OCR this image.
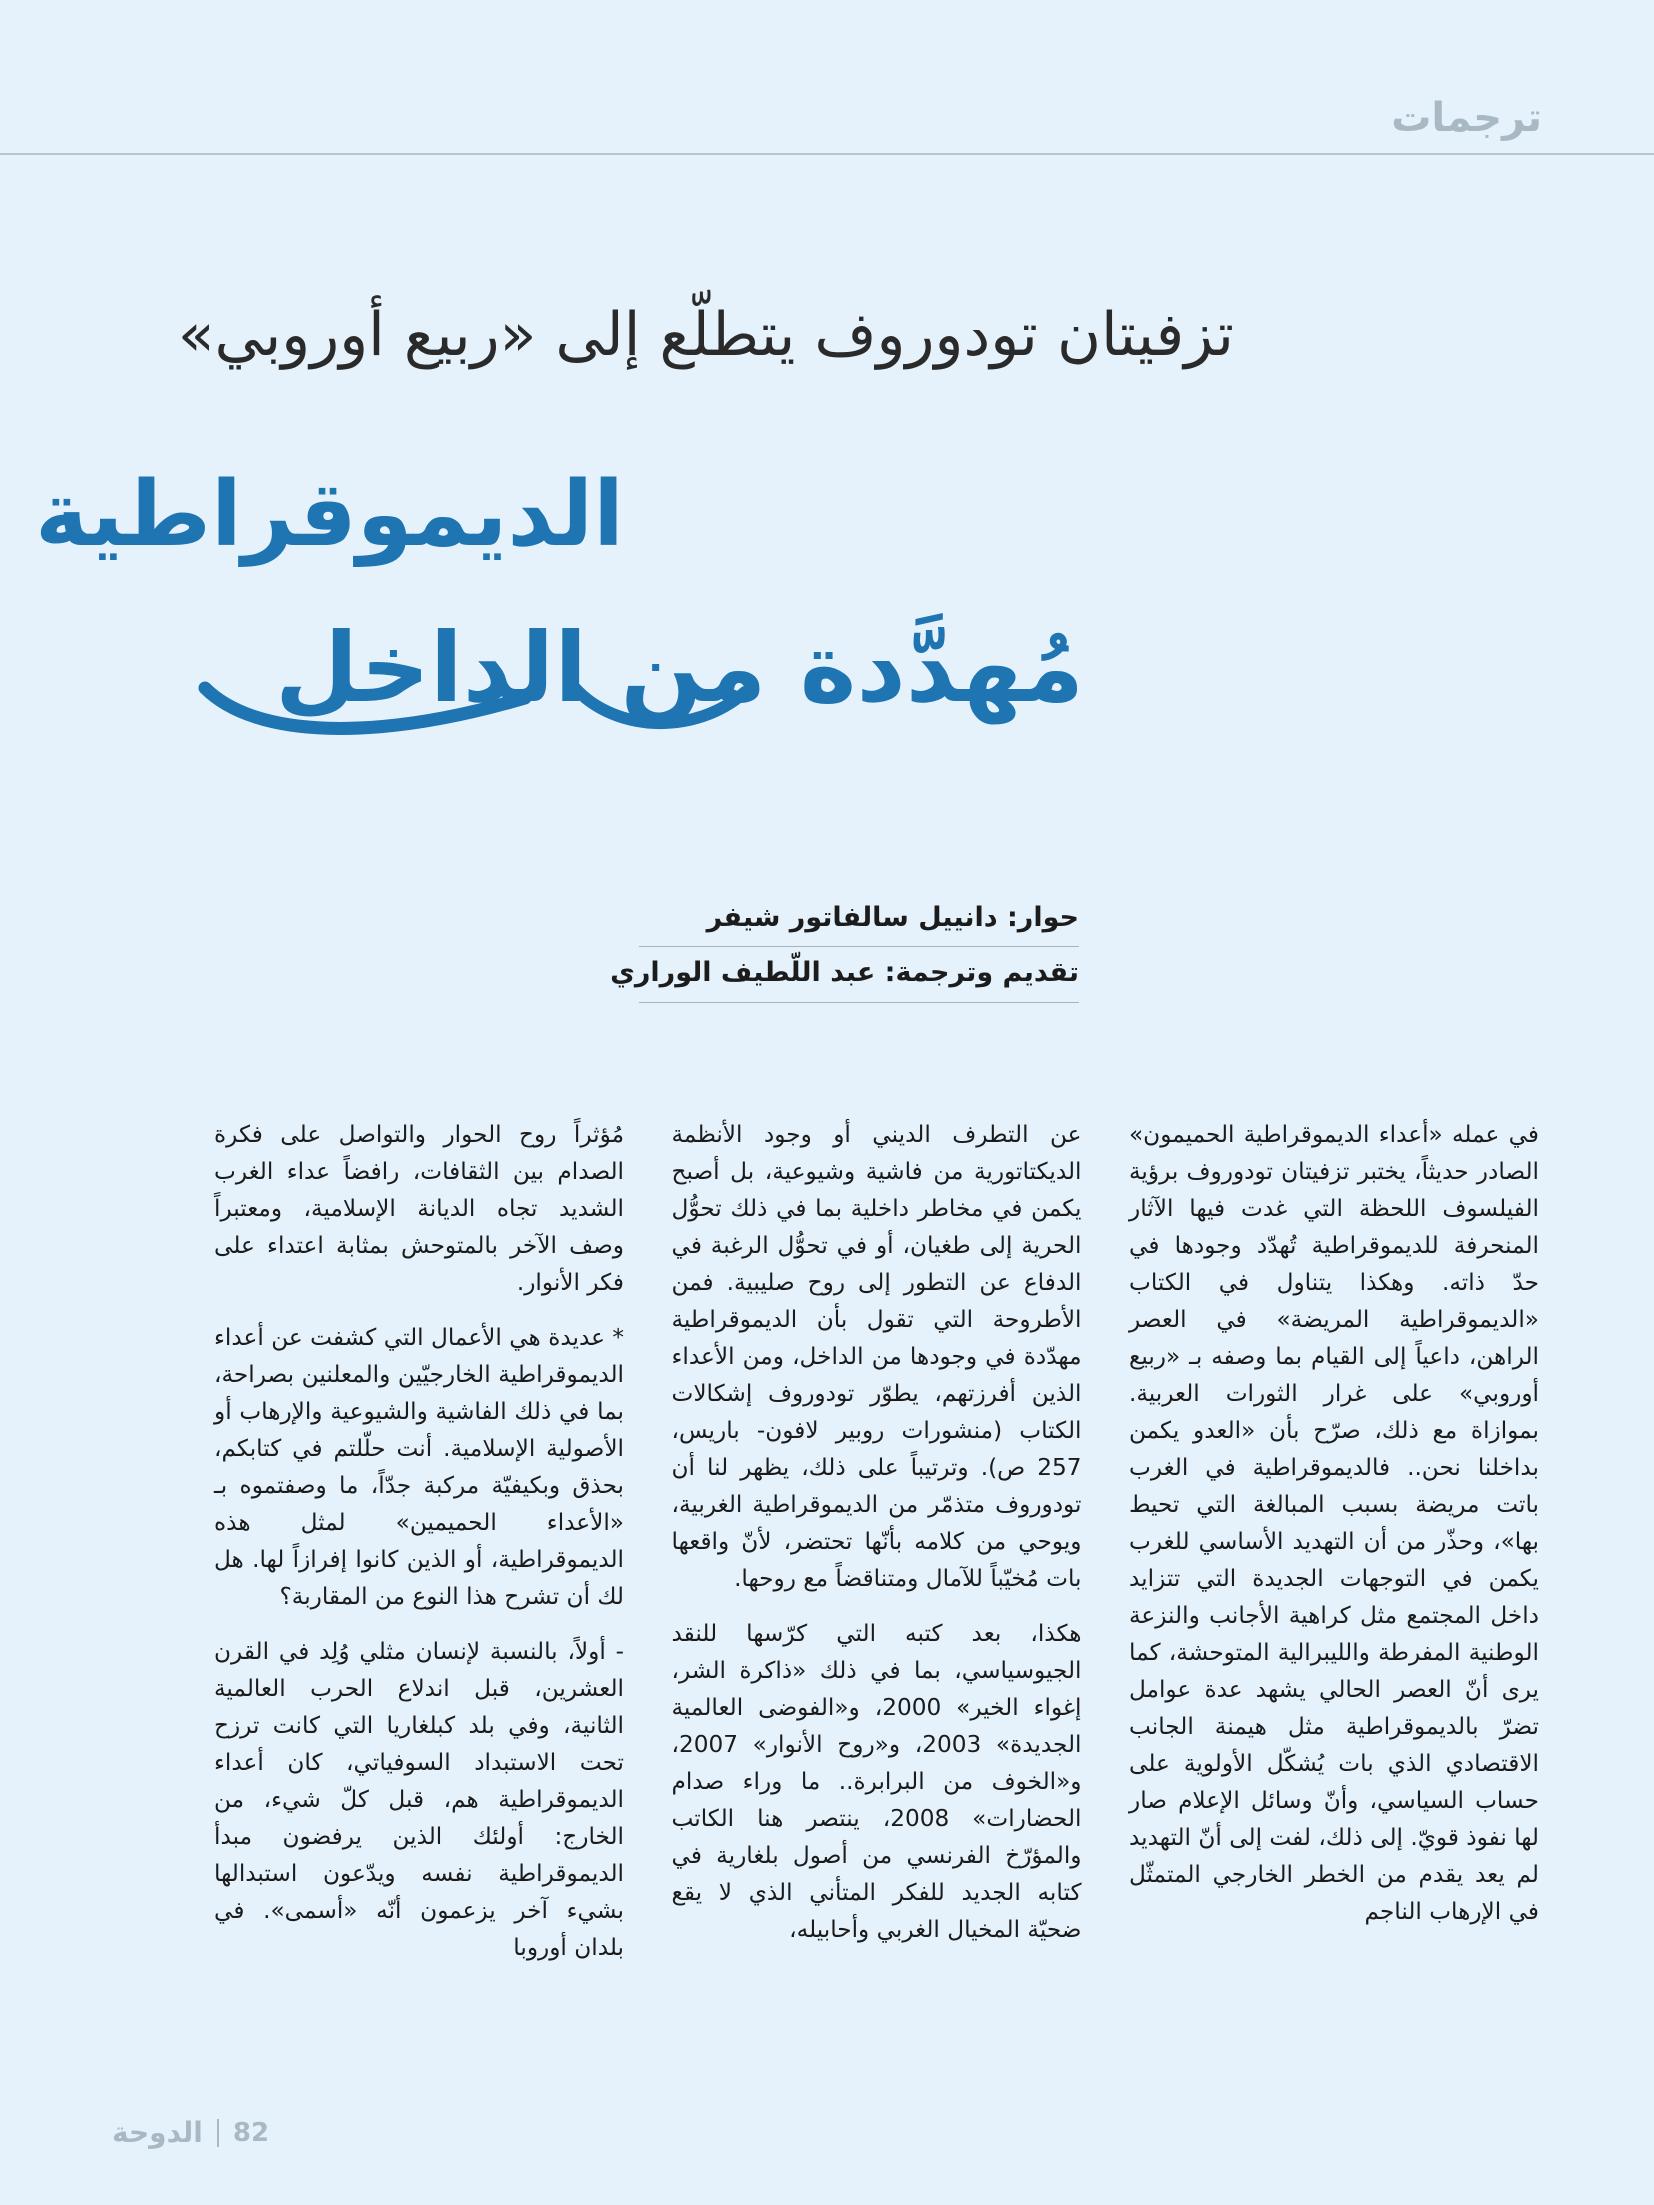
ترجمات
تزفيتان تودوروف يتطلّع إلى «ربيع أوروبي»
الديموقراطية
مُهدَّدة من الداخل
حوار: دانييل سالفاتور شيفر
تقديم وترجمة: عبد اللّطيف الوراري

في عمله «أعداء الديموقراطية الحميمون» الصادر حديثاً، يختبر تزفيتان تودوروف برؤية الفيلسوف اللحظة التي غدت فيها الآثار المنحرفة للديموقراطية تُهدّد وجودها في حدّ ذاته. وهكذا يتناول في الكتاب «الديموقراطية المريضة» في العصر الراهن، داعياً إلى القيام بما وصفه بـ «ربيع أوروبي» على غرار الثورات العربية. بموازاة مع ذلك، صرّح بأن «العدو يكمن بداخلنا نحن.. فالديموقراطية في الغرب باتت مريضة بسبب المبالغة التي تحيط بها»، وحذّر من أن التهديد الأساسي للغرب يكمن في التوجهات الجديدة التي تتزايد داخل المجتمع مثل كراهية الأجانب والنزعة الوطنية المفرطة والليبرالية المتوحشة، كما يرى أنّ العصر الحالي يشهد عدة عوامل تضرّ بالديموقراطية مثل هيمنة الجانب الاقتصادي الذي بات يُشكّل الأولوية على حساب السياسي، وأنّ وسائل الإعلام صار لها نفوذ قويّ. إلى ذلك، لفت إلى أنّ التهديد لم يعد يقدم من الخطر الخارجي المتمثّل في الإرهاب الناجم

عن التطرف الديني أو وجود الأنظمة الديكتاتورية من فاشية وشيوعية، بل أصبح يكمن في مخاطر داخلية بما في ذلك تحوُّل الحرية إلى طغيان، أو في تحوُّل الرغبة في الدفاع عن التطور إلى روح صليبية. فمن الأطروحة التي تقول بأن الديموقراطية مهدّدة في وجودها من الداخل، ومن الأعداء الذين أفرزتهم، يطوّر تودوروف إشكالات الكتاب (منشورات روبير لافون- باريس، 257 ص). وترتيباً على ذلك، يظهر لنا أن تودوروف متذمّر من الديموقراطية الغربية، ويوحي من كلامه بأنّها تحتضر، لأنّ واقعها بات مُخيّباً للآمال ومتناقضاً مع روحها.

هكذا، بعد كتبه التي كرّسها للنقد الجيوسياسي، بما في ذلك «ذاكرة الشر، إغواء الخير» 2000، و«الفوضى العالمية الجديدة» 2003، و«روح الأنوار» 2007، و«الخوف من البرابرة.. ما وراء صدام الحضارات» 2008، ينتصر هنا الكاتب والمؤرّخ الفرنسي من أصول بلغارية في كتابه الجديد للفكر المتأني الذي لا يقع ضحيّة المخيال الغربي وأحابيله،

مُؤثراً روح الحوار والتواصل على فكرة الصدام بين الثقافات، رافضاً عداء الغرب الشديد تجاه الديانة الإسلامية، ومعتبراً وصف الآخر بالمتوحش بمثابة اعتداء على فكر الأنوار.

* عديدة هي الأعمال التي كشفت عن أعداء الديموقراطية الخارجيّين والمعلنين بصراحة، بما في ذلك الفاشية والشيوعية والإرهاب أو الأصولية الإسلامية. أنت حلّلتم في كتابكم، بحذق وبكيفيّة مركبة جدّاً، ما وصفتموه بـ «الأعداء الحميمين» لمثل هذه الديموقراطية، أو الذين كانوا إفرازاً لها. هل لك أن تشرح هذا النوع من المقاربة؟

- أولاً، بالنسبة لإنسان مثلي وُلِد في القرن العشرين، قبل اندلاع الحرب العالمية الثانية، وفي بلد كبلغاريا التي كانت ترزح تحت الاستبداد السوفياتي، كان أعداء الديموقراطية هم، قبل كلّ شيء، من الخارج: أولئك الذين يرفضون مبدأ الديموقراطية نفسه ويدّعون استبدالها بشيء آخر يزعمون أنّه «أسمى». في بلدان أوروبا

82
الدوحة
